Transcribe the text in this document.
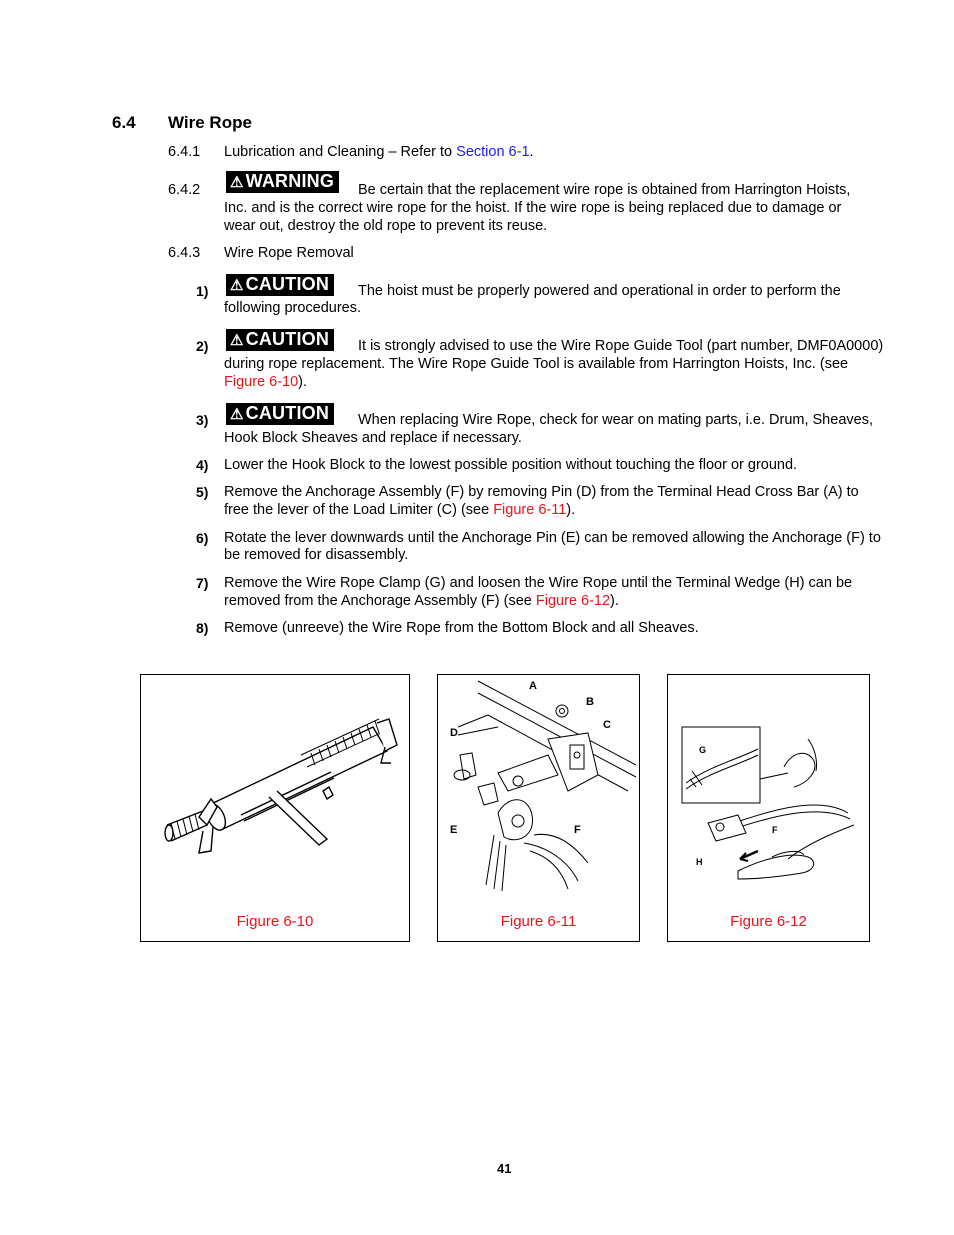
6.4 Wire Rope
6.4.1 Lubrication and Cleaning – Refer to Section 6-1.
6.4.2 ⚠ WARNING	Be certain that the replacement wire rope is obtained from Harrington Hoists,
Inc. and is the correct wire rope for the hoist. If the wire rope is being replaced due to damage or
wear out, destroy the old rope to prevent its reuse.
6.4.3 Wire Rope Removal
1) ⚠ CAUTION	The hoist must be properly powered and operational in order to perform the
following procedures.
2) ⚠ CAUTION	It is strongly advised to use the Wire Rope Guide Tool (part number, DMF0A0000)
during rope replacement. The Wire Rope Guide Tool is available from Harrington Hoists, Inc. (see
Figure 6-10).
3) ⚠ CAUTION	When replacing Wire Rope, check for wear on mating parts, i.e. Drum, Sheaves,
Hook Block Sheaves and replace if necessary.
4) Lower the Hook Block to the lowest possible position without touching the floor or ground.
5) Remove the Anchorage Assembly (F) by removing Pin (D) from the Terminal Head Cross Bar (A) to
free the lever of the Load Limiter (C) (see Figure 6-11).
6) Rotate the lever downwards until the Anchorage Pin (E) can be removed allowing the Anchorage (F) to
be removed for disassembly.
7) Remove the Wire Rope Clamp (G) and loosen the Wire Rope until the Terminal Wedge (H) can be
removed from the Anchorage Assembly (F) (see Figure 6-12).
8) Remove (unreeve) the Wire Rope from the Bottom Block and all Sheaves.
Figure 6-10
A
B
C
D
E	F
Figure 6-11
G
F
H
Figure 6-12
41
